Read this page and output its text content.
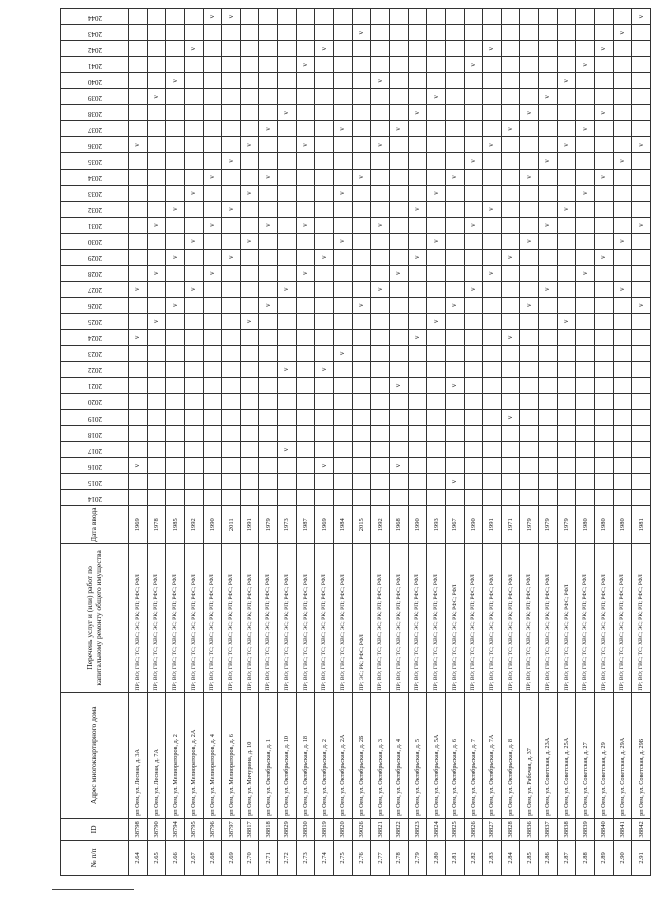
№ п/п	ID	Адрес многоквартирного дома	Перечень услуг и (или) работ по капитальному ремонту общего имущества	Дата ввода	2014	2015	2016	2017	2018	2019	2020	2021	2022	2023	2024	2025	2026	2027	2028	2029	2030	2031	2032	2033	2034	2035	2036	2037	2038	2039	2040	2041	2042	2043	2044

2.64	38798	рп Оем, ул. Лесная, д. 3А	ПР; ВО; ГВС; ТС; ХВС; ЭС; РК; РП; РФС; РФЛ	1969			v								v			v									v								
2.65	38790	рп Оем, ул. Лесная, д. 7А	ПР; ВО; ГВС; ТС; ХВС; ЭС; РК; РП; РФС; РФЛ	1978												v			v			v								v					
2.66	38794	рп Оем, ул. Мелиораторов, д. 2	ПР; ВО; ГВС; ТС; ХВС; ЭС; РК; РП; РФС; РФЛ	1985													v			v			v								v				
2.67	38795	рп Оем, ул. Мелиораторов, д. 2А	ПР; ВО; ГВС; ТС; ХВС; ЭС; РК; РП; РФС; РФЛ	1992														v			v			v									v		
2.68	38796	рп Оем, ул. Мелиораторов, д. 4	ПР; ВО; ГВС; ТС; ХВС; ЭС; РК; РП; РФС; РФЛ	1990															v			v			v										v
2.69	38797	рп Оем, ул. Мелиораторов, д. 6	ПР; ВО; ГВС; ТС; ХВС; ЭС; РК; РП; РФС; РФЛ	2011																v			v			v									v
2.70	38817	рп Оем, ул. Мичурина, д. 10	ПР; ВО; ГВС; ТС; ХВС; ЭС; РК; РП; РФС; РФЛ	1991												v					v			v			v								
2.71	38818	рп Оем, ул. Октябрьская, д. 1	ПР; ВО; ГВС; ТС; ХВС; ЭС; РК; РП; РФС; РФЛ	1979													v					v			v			v							
2.72	38829	рп Оем, ул. Октябрьская, д. 10	ПР; ВО; ГВС; ТС; ХВС; ЭС; РК; РП; РФС; РФЛ	1973				v					v					v											v						
2.73	38830	рп Оем, ул. Октябрьская, д. 18	ПР; ВО; ГВС; ТС; ХВС; ЭС; РК; РП; РФС; РФЛ	1987															v			v					v					v			
2.74	38819	рп Оем, ул. Октябрьская, д. 2	ПР; ВО; ГВС; ТС; ХВС; ЭС; РК; РП; РФС; РФЛ	1969			v						v							v													v		
2.75	38820	рп Оем, ул. Октябрьская, д. 2А	ПР; ВО; ГВС; ТС; ХВС; ЭС; РК; РП; РФС; РФЛ	1984										v							v			v				v							
2.76	39026	рп Оем, ул. Октябрьская, д. 2Б	ПР; ЭС; РК; РФС; РФЛ	2015													v								v									v	
2.77	38821	рп Оем, ул. Октябрьская, д. 3	ПР; ВО; ГВС; ТС; ХВС; ЭС; РК; РП; РФС; РФЛ	1992														v				v					v				v				
2.78	38822	рп Оем, ул. Октябрьская, д. 4	ПР; ВО; ГВС; ТС; ХВС; ЭС; РК; РП; РФС; РФЛ	1968			v					v							v									v							
2.79	38823	рп Оем, ул. Октябрьская, д. 5	ПР; ВО; ГВС; ТС; ХВС; ЭС; РК; РП; РФС; РФЛ	1990											v					v			v						v						
2.80	38824	рп Оем, ул. Октябрьская, д. 5А	ПР; ВО; ГВС; ТС; ХВС; ЭС; РК; РП; РФС; РФЛ	1993												v					v			v						v					
2.81	38825	рп Оем, ул. Октябрьская, д. 6	ПР; ВО; ГВС; ТС; ХВС; ЭС; РК; РФС; РФЛ	1967		v						v					v								v										
2.82	38826	рп Оем, ул. Октябрьская, д. 7	ПР; ВО; ГВС; ТС; ХВС; ЭС; РК; РП; РФС; РФЛ	1990														v				v				v						v			
2.83	38827	рп Оем, ул. Октябрьская, д. 7А	ПР; ВО; ГВС; ТС; ХВС; ЭС; РК; РП; РФС; РФЛ	1991															v				v				v						v		
2.84	38828	рп Оем, ул. Октябрьская, д. 8	ПР; ВО; ГВС; ТС; ХВС; ЭС; РК; РП; РФС; РФЛ	1971						v					v					v								v							
2.85	38836	рп Оем, ул. Рабочая, д. 37	ПР; ВО; ГВС; ТС; ХВС; ЭС; РК; РП; РФС; РФЛ	1979													v				v				v				v						
2.86	38837	рп Оем, ул. Советская, д. 23А	ПР; ВО; ГВС; ТС; ХВС; ЭС; РК; РП; РФС; РФЛ	1979														v				v				v				v					
2.87	38838	рп Оем, ул. Советская, д. 25А	ПР; ВО; ГВС; ТС; ХВС; ЭС; РК; РФС; РФЛ	1979												v							v				v				v				
2.88	38839	рп Оем, ул. Советская, д. 27	ПР; ВО; ГВС; ТС; ХВС; ЭС; РК; РП; РФС; РФЛ	1980															v					v				v				v			
2.89	38840	рп Оем, ул. Советская, д. 29	ПР; ВО; ГВС; ТС; ХВС; ЭС; РК; РП; РФС; РФЛ	1980																v					v				v				v		
2.90	38841	рп Оем, ул. Советская, д. 29А	ПР; ВО; ГВС; ТС; ХВС; ЭС; РК; РП; РФС; РФЛ	1980														v			v					v								v	
2.91	38842	рп Оем, ул. Советская, д. 29Б	ПР; ВО; ГВС; ТС; ХВС; ЭС; РК; РП; РФС; РФЛ	1981													v					v					v								v
